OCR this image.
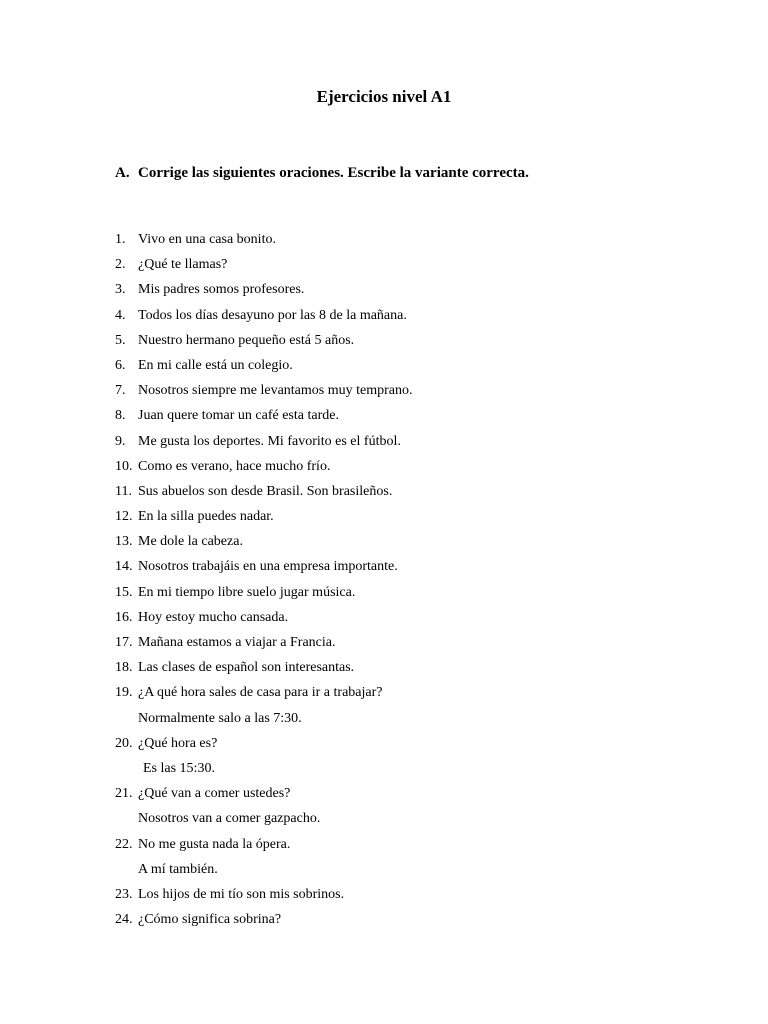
Ejercicios nivel A1
A. Corrige las siguientes oraciones. Escribe la variante correcta.
1. Vivo en una casa bonito.
2. ¿Qué te llamas?
3. Mis padres somos profesores.
4. Todos los días desayuno por las 8 de la mañana.
5. Nuestro hermano pequeño está 5 años.
6. En mi calle está un colegio.
7. Nosotros siempre me levantamos muy temprano.
8. Juan quere tomar un café esta tarde.
9. Me gusta los deportes. Mi favorito es el fútbol.
10. Como es verano, hace mucho frío.
11. Sus abuelos son desde Brasil. Son brasileños.
12. En la silla puedes nadar.
13. Me dole la cabeza.
14. Nosotros trabajáis en una empresa importante.
15. En mi tiempo libre suelo jugar música.
16. Hoy estoy mucho cansada.
17. Mañana estamos a viajar a Francia.
18. Las clases de español son interesantas.
19. ¿A qué hora sales de casa para ir a trabajar?
Normalmente salo a las 7:30.
20. ¿Qué hora es?
Es las 15:30.
21. ¿Qué van a comer ustedes?
Nosotros van a comer gazpacho.
22. No me gusta nada la ópera.
A mí también.
23. Los hijos de mi tío son mis sobrinos.
24. ¿Cómo significa sobrina?
